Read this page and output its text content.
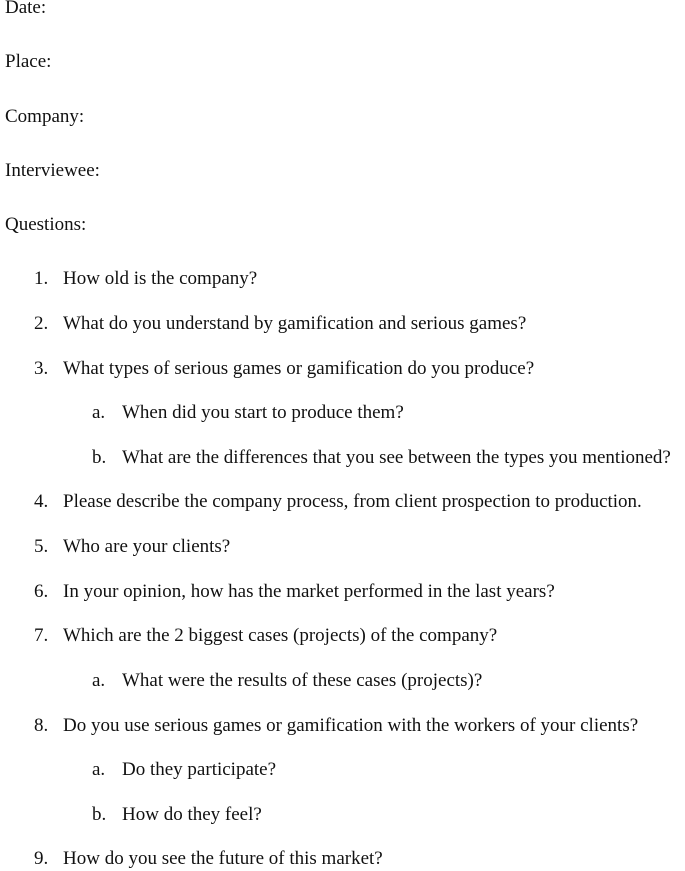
Date:
Place:
Company:
Interviewee:
Questions:
1. How old is the company?
2. What do you understand by gamification and serious games?
3. What types of serious games or gamification do you produce?
a. When did you start to produce them?
b. What are the differences that you see between the types you mentioned?
4. Please describe the company process, from client prospection to production.
5. Who are your clients?
6. In your opinion, how has the market performed in the last years?
7. Which are the 2 biggest cases (projects) of the company?
a. What were the results of these cases (projects)?
8. Do you use serious games or gamification with the workers of your clients?
a. Do they participate?
b. How do they feel?
9. How do you see the future of this market?
